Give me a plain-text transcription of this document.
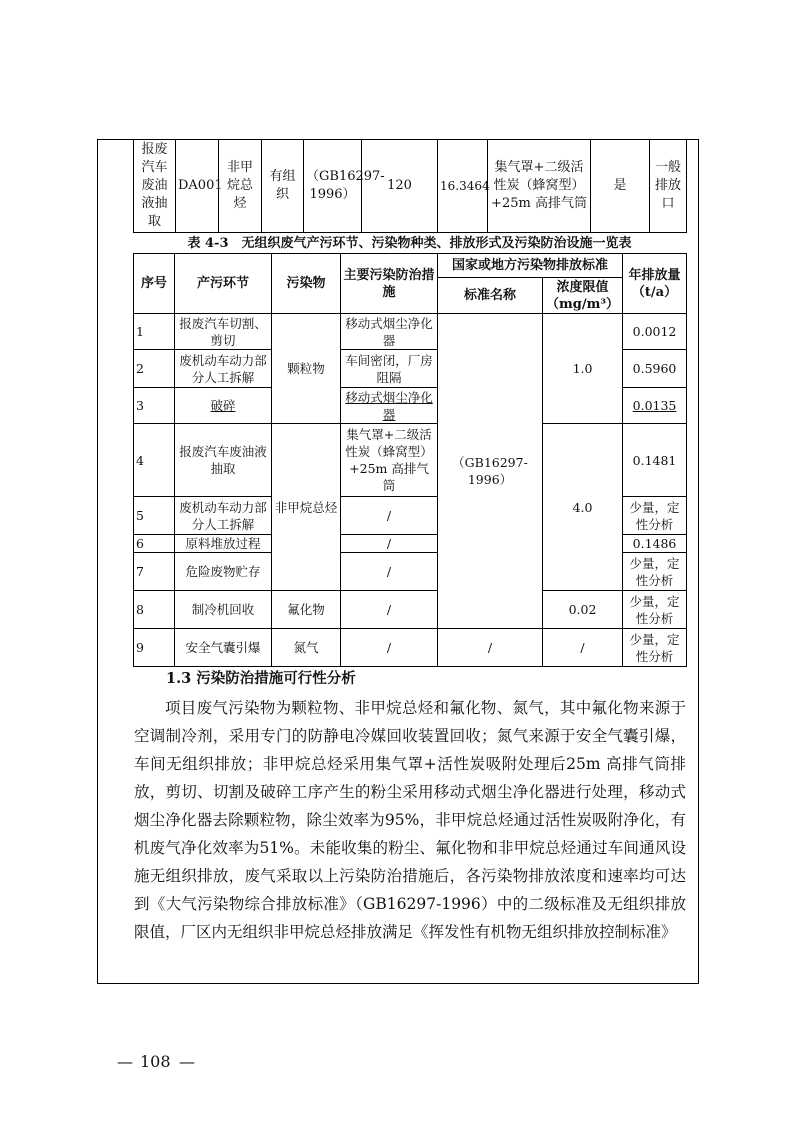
报废汽车废油液抽取	DA001	非甲烷总烃	有组织	（GB16297-1996）	120	16.3464	集气罩+二级活性炭（蜂窝型）+25m 高排气筒	是	一般排放口
表 4-3　无组织废气产污环节、污染物种类、排放形式及污染防治设施一览表
序号	产污环节	污染物	主要污染防治措施	国家或地方污染物排放标准		年排放量（t/a）
				标准名称	浓度限值（mg/m³）	
1	报废汽车切割、剪切	颗粒物	移动式烟尘净化器	（GB16297-1996）	1.0	0.0012
2	废机动车动力部分人工拆解		车间密闭，厂房阻隔			0.5960
3	破碎		移动式烟尘净化器			0.0135
4	报废汽车废油液抽取	非甲烷总烃	集气罩+二级活性炭（蜂窝型）+25m 高排气筒		4.0	0.1481
5	废机动车动力部分人工拆解		/			少量，定性分析
6	原料堆放过程		/			0.1486
7	危险废物贮存		/			少量，定性分析
8	制冷机回收	氟化物	/		0.02	少量，定性分析
9	安全气囊引爆	氮气	/	/	/	少量，定性分析
1.3 污染防治措施可行性分析
项目废气污染物为颗粒物、非甲烷总烃和氟化物、氮气，其中氟化物来源于空调制冷剂，采用专门的防静电冷媒回收装置回收；氮气来源于安全气囊引爆，车间无组织排放；非甲烷总烃采用集气罩+活性炭吸附处理后25m 高排气筒排放，剪切、切割及破碎工序产生的粉尘采用移动式烟尘净化器进行处理，移动式烟尘净化器去除颗粒物，除尘效率为95%，非甲烷总烃通过活性炭吸附净化，有机废气净化效率为51%。未能收集的粉尘、氟化物和非甲烷总烃通过车间通风设施无组织排放，废气采取以上污染防治措施后，各污染物排放浓度和速率均可达到《大气污染物综合排放标准》（GB16297-1996）中的二级标准及无组织排放限值，厂区内无组织非甲烷总烃排放满足《挥发性有机物无组织排放控制标准》
— 108 —
